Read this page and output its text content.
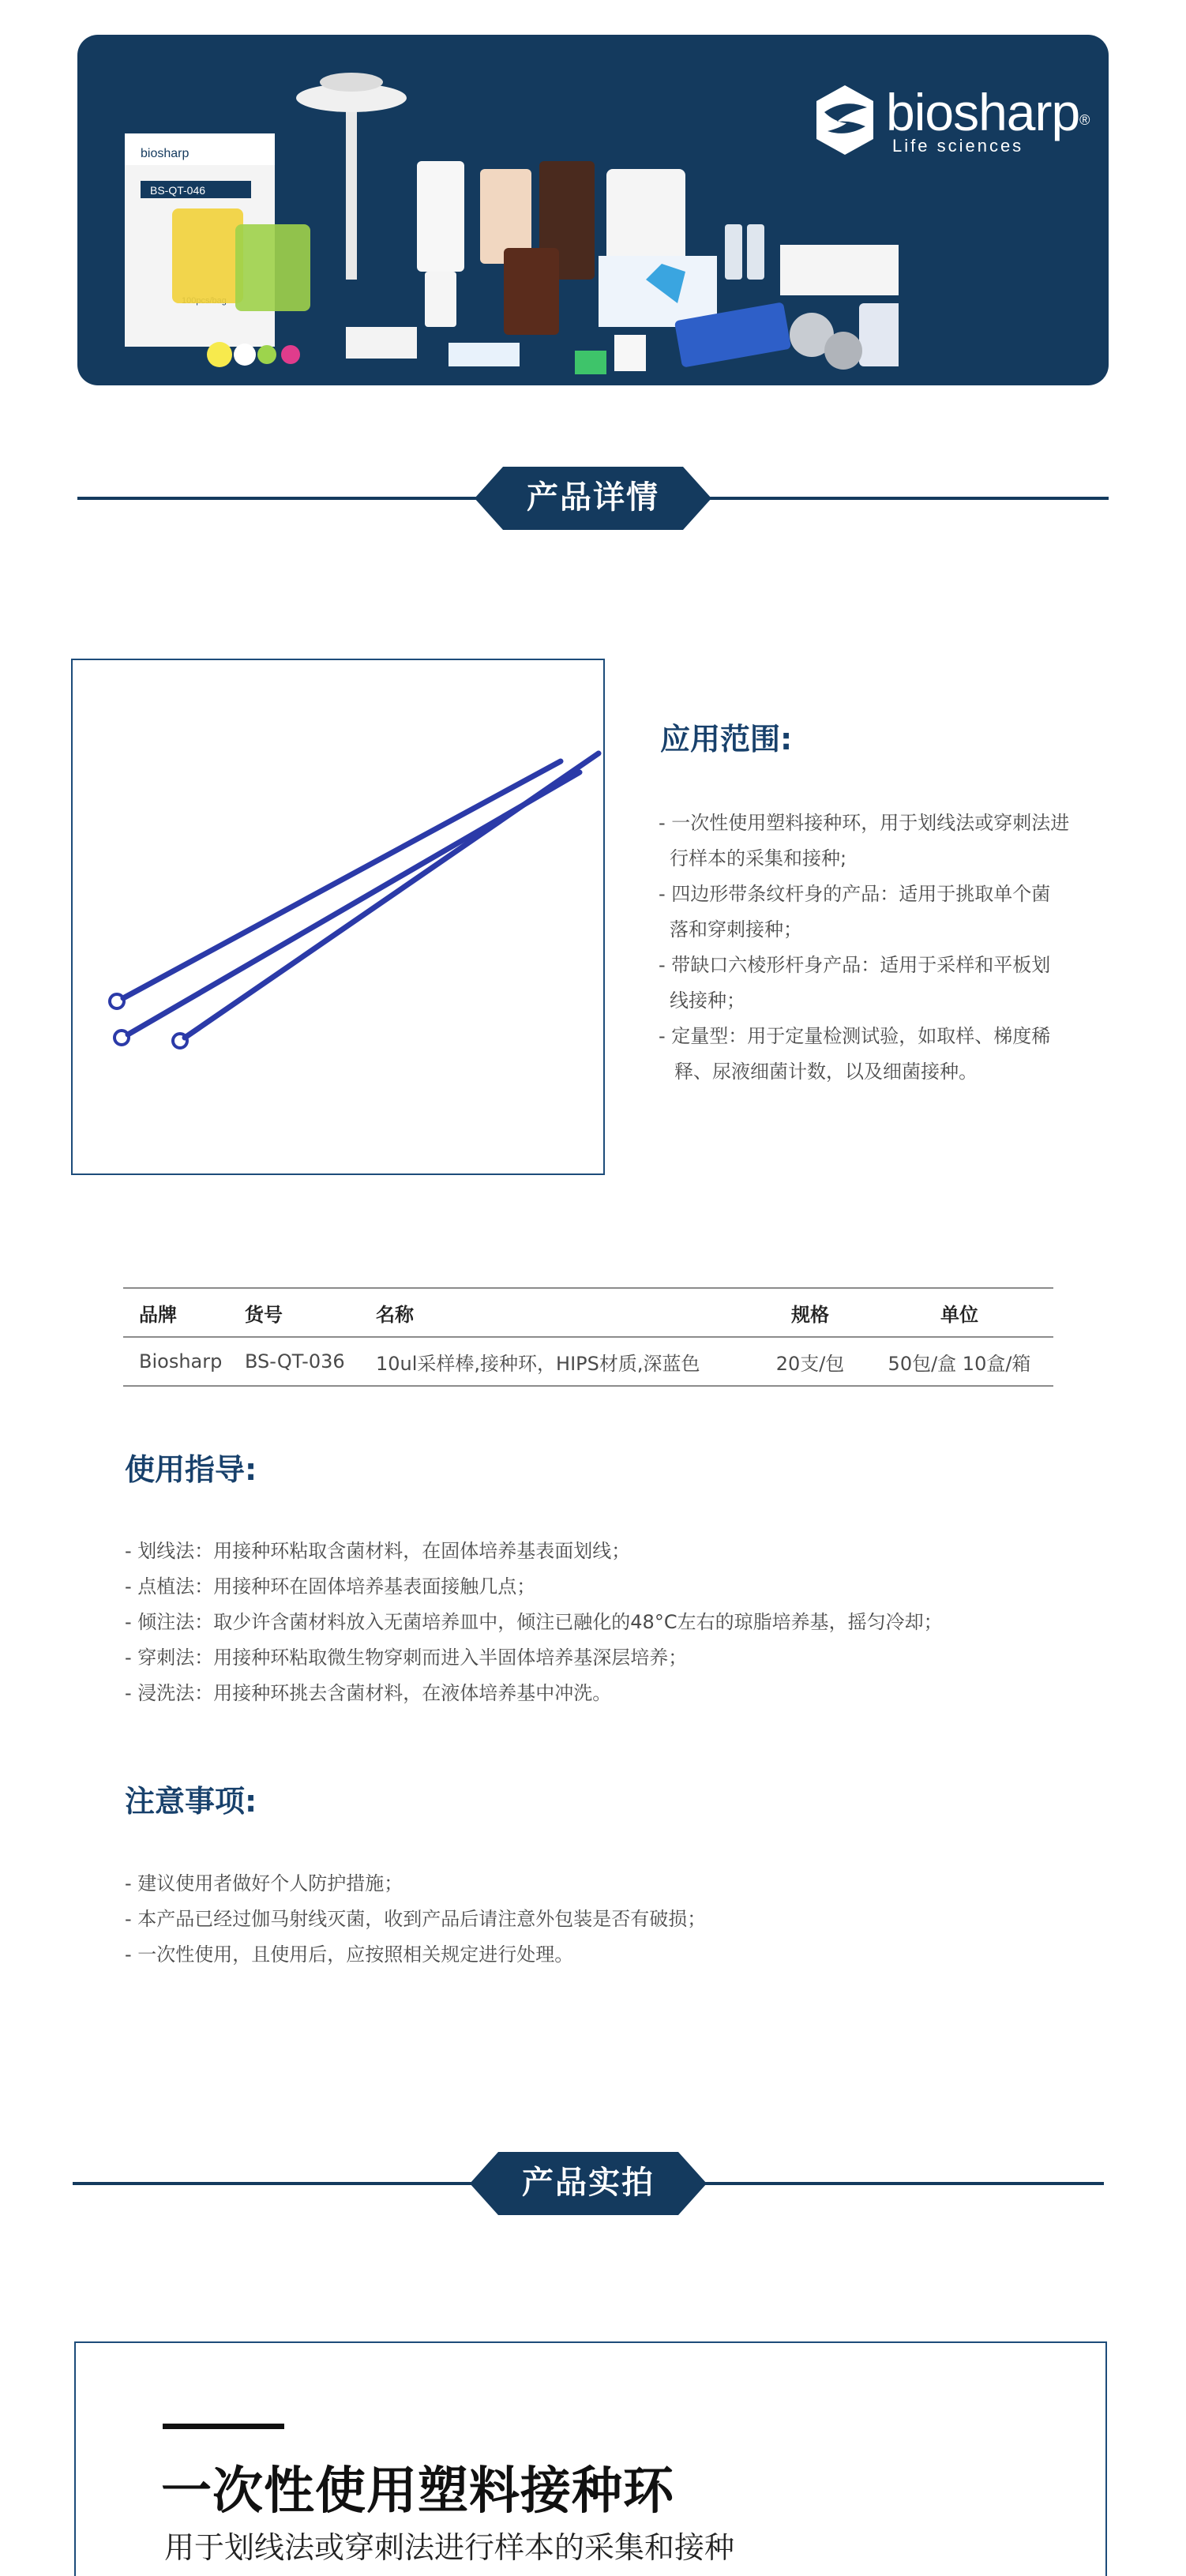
biosharp
BS-QT-046
biosharp®
Life sciences
产品详情
应用范围:
- 一次性使用塑料接种环，用于划线法或穿刺法进
行样本的采集和接种;
- 四边形带条纹杆身的产品：适用于挑取单个菌
落和穿刺接种；
- 带缺口六棱形杆身产品：适用于采样和平板划
线接种；
- 定量型：用于定量检测试验，如取样、梯度稀
释、尿液细菌计数，以及细菌接种。
品牌	货号	名称	规格	单位
Biosharp	BS-QT-036	10ul采样棒,接种环，HIPS材质,深蓝色	20支/包	50包/盒 10盒/箱
使用指导:
- 划线法：用接种环粘取含菌材料，在固体培养基表面划线；
- 点植法：用接种环在固体培养基表面接触几点；
- 倾注法：取少许含菌材料放入无菌培养皿中，倾注已融化的48°C左右的琼脂培养基，摇匀冷却；
- 穿刺法：用接种环粘取微生物穿刺而进入半固体培养基深层培养；
- 浸洗法：用接种环挑去含菌材料，在液体培养基中冲洗。
注意事项:
- 建议使用者做好个人防护措施；
- 本产品已经过伽马射线灭菌，收到产品后请注意外包装是否有破损；
- 一次性使用，且使用后，应按照相关规定进行处理。
产品实拍
一次性使用塑料接种环
用于划线法或穿刺法进行样本的采集和接种
